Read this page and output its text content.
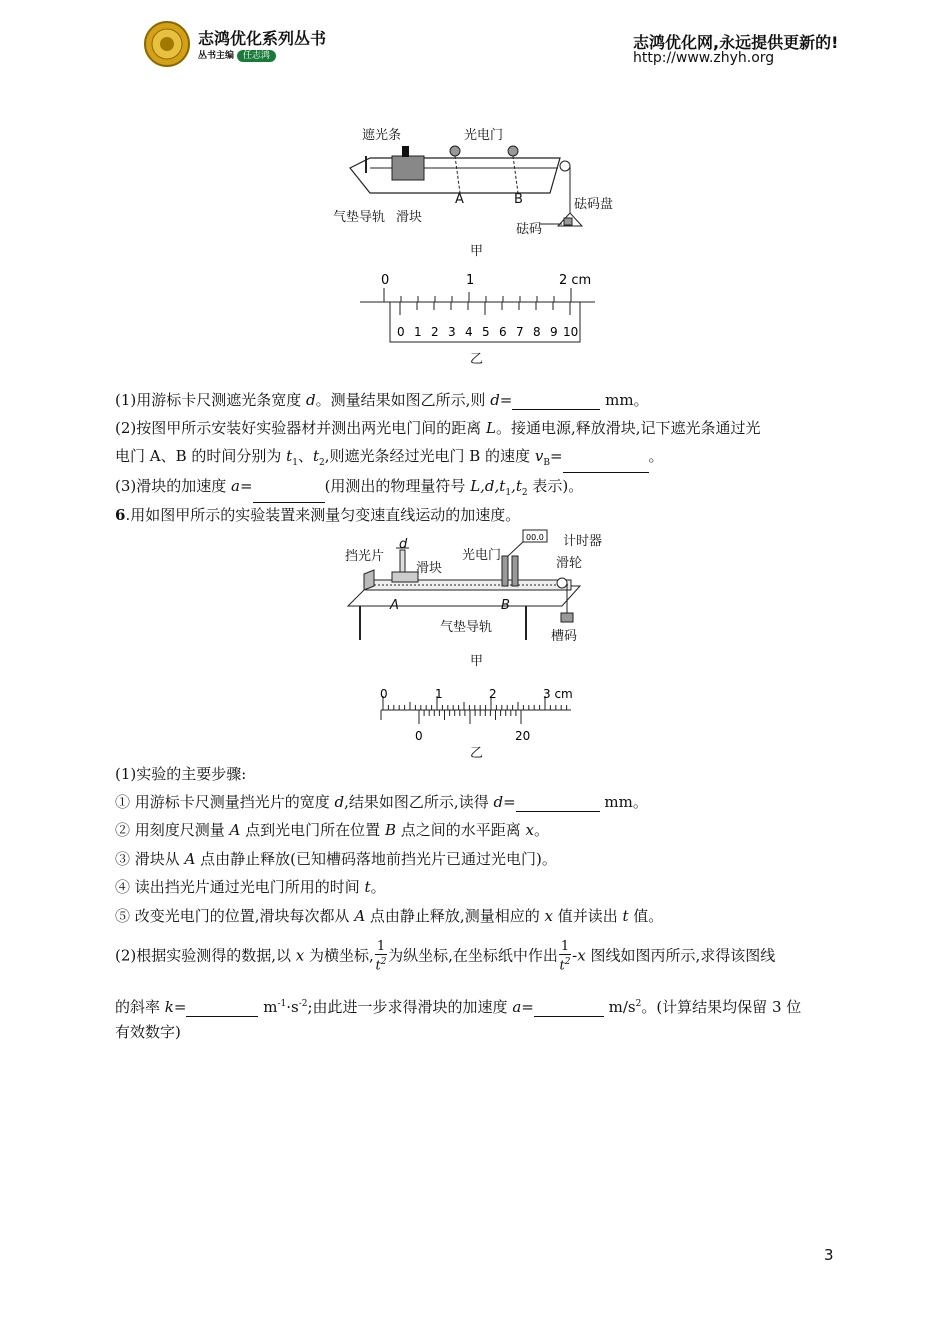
志鸿优化系列丛书
丛书主编 任志鸿
志鸿优化网,永远提供更新的!
http://www.zhyh.org
遮光条	光电门
气垫导轨 滑块
A	B	砝码盘
砝码
甲
0	1	2 cm
0 1 2 3 4 5 6 7 8 9 10
乙
(1)用游标卡尺测遮光条宽度 d。测量结果如图乙所示,则 d=	mm。
(2)按图甲所示安装好实验器材并测出两光电门间的距离 L。接通电源,释放滑块,记下遮光条通过光
电门 A、B 的时间分别为 $t_1$、$t_2$,则遮光条经过光电门 B 的速度 $v_B=$	。
(3)滑块的加速度 a=	(用测出的物理量符号 $L,d,t_1,t_2$ 表示)。
6.用如图甲所示的实验装置来测量匀变速直线运动的加速度。
00.0
挡光片
d
滑块
光电门
计时器
滑轮
A	B
气垫导轨
槽码
甲
0	1	2	3 cm
0	20
乙
(1)实验的主要步骤:
① 用游标卡尺测量挡光片的宽度 d,结果如图乙所示,读得 d=	mm。
② 用刻度尺测量 A 点到光电门所在位置 B 点之间的水平距离 x。
③ 滑块从 A 点由静止释放(已知槽码落地前挡光片已通过光电门)。
④ 读出挡光片通过光电门所用的时间 t。
⑤ 改变光电门的位置,滑块每次都从 A 点由静止释放,测量相应的 x 值并读出 t 值。
(2)根据实验测得的数据,以 x 为横坐标, $\frac{1}{t^2}$ 为纵坐标,在坐标纸中作出 $\frac{1}{t^2} -x$ 图线如图丙所示,求得该图线
的斜率 k=	$m^{-1}\cdot s^{-2}$;由此进一步求得滑块的加速度 a=	$m/s^2$。(计算结果均保留 3 位
有效数字)
3
